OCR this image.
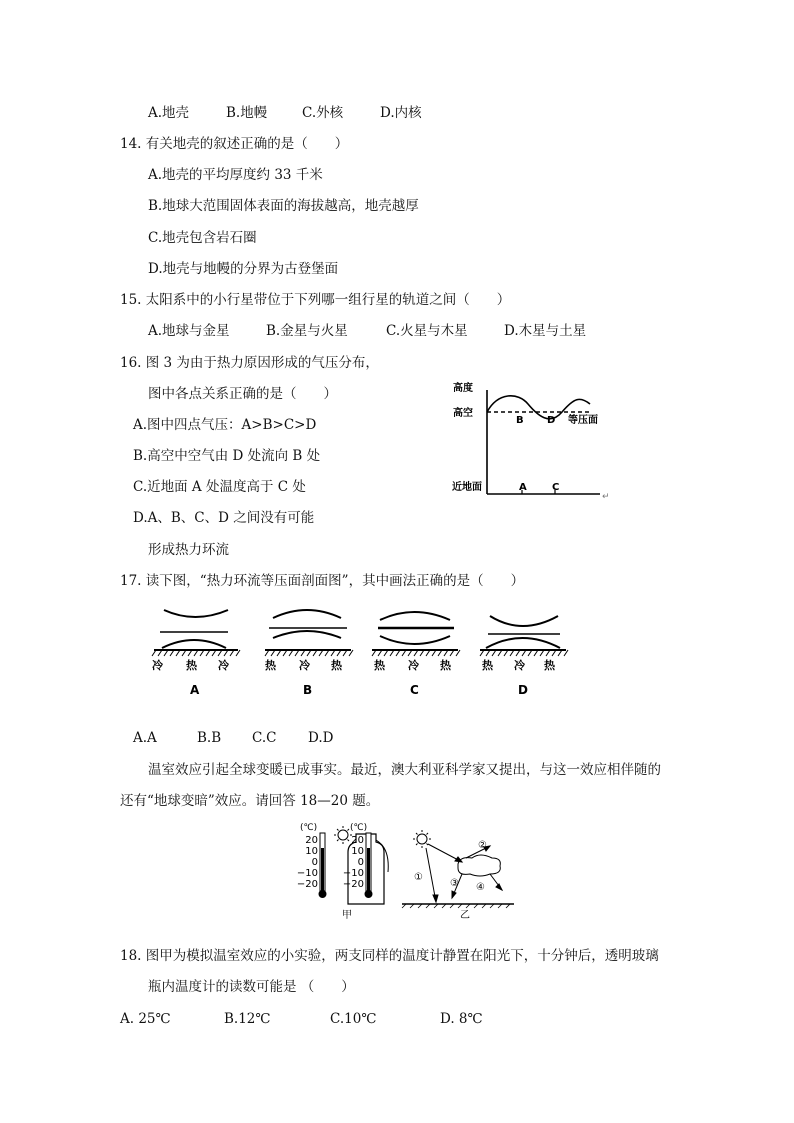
A.地壳	B.地幔	C.外核	D.内核
14. 有关地壳的叙述正确的是（　　）
A.地壳的平均厚度约 33 千米
B.地球大范围固体表面的海拔越高，地壳越厚
C.地壳包含岩石圈
D.地壳与地幔的分界为古登堡面
15. 太阳系中的小行星带位于下列哪一组行星的轨道之间（　　）
A.地球与金星	B.金星与火星	C.火星与木星	D.木星与土星
16. 图 3 为由于热力原因形成的气压分布，
图中各点关系正确的是（　　）
A.图中四点气压：A>B>C>D
B.高空中空气由 D 处流向 B 处
C.近地面 A 处温度高于 C 处
D.A、B、C、D 之间没有可能
形成热力环流
高度
高空
近地面
等压面
B D
A	C
↵
17. 读下图，“热力环流等压面剖面图”，其中画法正确的是（　　）
冷 热 冷
A
热 冷 热
B
热 冷 热
C
热 冷 热
D
A.A	B.B C.C D.D
温室效应引起全球变暖已成事实。最近，澳大利亚科学家又提出，与这一效应相伴随的
还有“地球变暗”效应。请回答 18—20 题。
(℃)
20
10
0
−10
−20
(℃)
20
10
0
−10
−20
甲
①
②
③ ④
乙
18. 图甲为模拟温室效应的小实验，两支同样的温度计静置在阳光下，十分钟后，透明玻璃
瓶内温度计的读数可能是 （　　）
A. 25℃	B.12℃	C.10℃	D. 8℃
